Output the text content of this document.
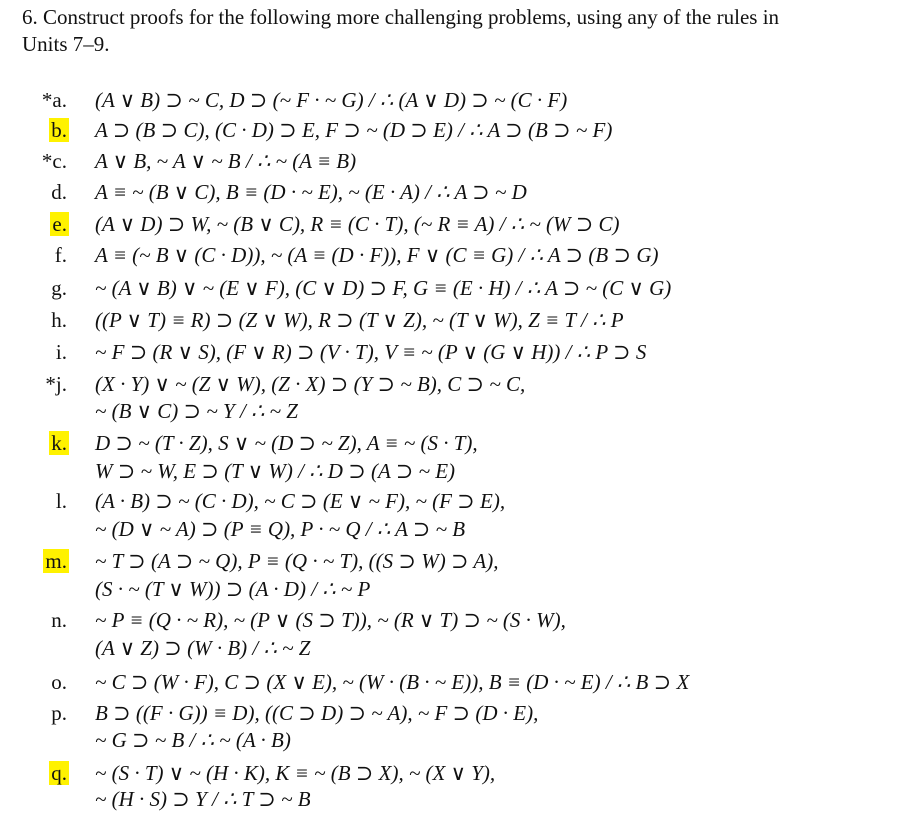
6. Construct proofs for the following more challenging problems, using any of the rules in
Units 7–9.
*a. (A ∨ B) ⊃ ~ C, D ⊃ (~ F · ~ G) / ∴ (A ∨ D) ⊃ ~ (C · F)
b. A ⊃ (B ⊃ C), (C · D) ⊃ E, F ⊃ ~ (D ⊃ E) / ∴ A ⊃ (B ⊃ ~ F)
*c. A ∨ B, ~ A ∨ ~ B / ∴ ~ (A ≡ B)
d. A ≡ ~ (B ∨ C), B ≡ (D · ~ E), ~ (E · A) / ∴ A ⊃ ~ D
e. (A ∨ D) ⊃ W, ~ (B ∨ C), R ≡ (C · T), (~ R ≡ A) / ∴ ~ (W ⊃ C)
f. A ≡ (~ B ∨ (C · D)), ~ (A ≡ (D · F)), F ∨ (C ≡ G) / ∴ A ⊃ (B ⊃ G)
g. ~ (A ∨ B) ∨ ~ (E ∨ F), (C ∨ D) ⊃ F, G ≡ (E · H) / ∴ A ⊃ ~ (C ∨ G)
h. ((P ∨ T) ≡ R) ⊃ (Z ∨ W), R ⊃ (T ∨ Z), ~ (T ∨ W), Z ≡ T / ∴ P
i. ~ F ⊃ (R ∨ S), (F ∨ R) ⊃ (V · T), V ≡ ~ (P ∨ (G ∨ H)) / ∴ P ⊃ S
*j. (X · Y) ∨ ~ (Z ∨ W), (Z · X) ⊃ (Y ⊃ ~ B), C ⊃ ~ C,
~ (B ∨ C) ⊃ ~ Y / ∴ ~ Z
k. D ⊃ ~ (T · Z), S ∨ ~ (D ⊃ ~ Z), A ≡ ~ (S · T),
W ⊃ ~ W, E ⊃ (T ∨ W) / ∴ D ⊃ (A ⊃ ~ E)
l. (A · B) ⊃ ~ (C · D), ~ C ⊃ (E ∨ ~ F), ~ (F ⊃ E),
~ (D ∨ ~ A) ⊃ (P ≡ Q), P · ~ Q / ∴ A ⊃ ~ B
m. ~ T ⊃ (A ⊃ ~ Q), P ≡ (Q · ~ T), ((S ⊃ W) ⊃ A),
(S · ~ (T ∨ W)) ⊃ (A · D) / ∴ ~ P
n. ~ P ≡ (Q · ~ R), ~ (P ∨ (S ⊃ T)), ~ (R ∨ T) ⊃ ~ (S · W),
(A ∨ Z) ⊃ (W · B) / ∴ ~ Z
o. ~ C ⊃ (W · F), C ⊃ (X ∨ E), ~ (W · (B · ~ E)), B ≡ (D · ~ E) / ∴ B ⊃ X
p. B ⊃ ((F · G)) ≡ D), ((C ⊃ D) ⊃ ~ A), ~ F ⊃ (D · E),
~ G ⊃ ~ B / ∴ ~ (A · B)
q. ~ (S · T) ∨ ~ (H · K), K ≡ ~ (B ⊃ X), ~ (X ∨ Y),
~ (H · S) ⊃ Y / ∴ T ⊃ ~ B
